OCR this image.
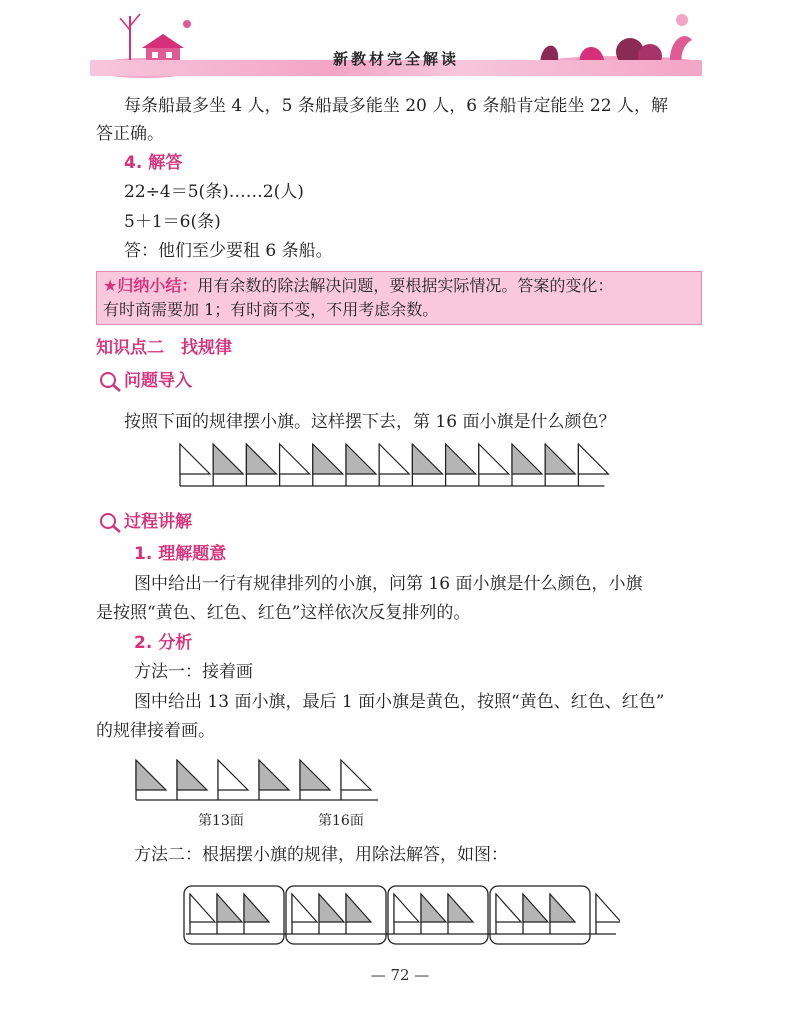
新教材完全解读
每条船最多坐 4 人，5 条船最多能坐 20 人，6 条船肯定能坐 22 人，解
答正确。
4. 解答
22÷4＝5(条)……2(人)
5＋1＝6(条)
答：他们至少要租 6 条船。
★归纳小结：用有余数的除法解决问题，要根据实际情况。答案的变化：
有时商需要加 1；有时商不变，不用考虑余数。
知识点二　找规律
问题导入
按照下面的规律摆小旗。这样摆下去，第 16 面小旗是什么颜色？
过程讲解
1. 理解题意
图中给出一行有规律排列的小旗，问第 16 面小旗是什么颜色，小旗
是按照“黄色、红色、红色”这样依次反复排列的。
2. 分析
方法一：接着画
图中给出 13 面小旗，最后 1 面小旗是黄色，按照“黄色、红色、红色”
的规律接着画。
第13面	第16面
方法二：根据摆小旗的规律，用除法解答，如图：
— 72 —
